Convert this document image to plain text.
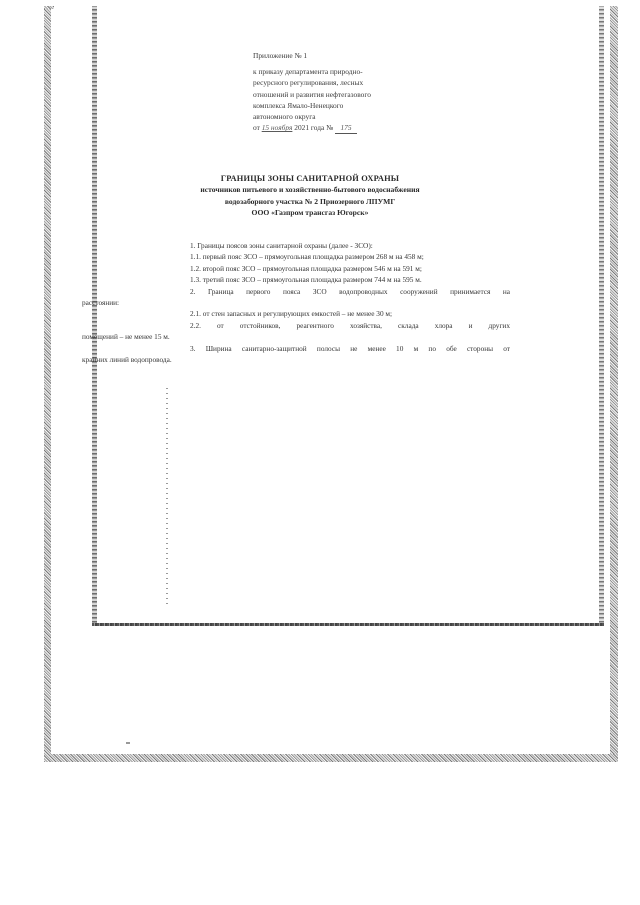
Приложение № 1
к приказу департамента природно-
ресурсного регулирования, лесных
отношений и развития нефтегазового
комплекса Ямало-Ненецкого
автономного округа
от 15 ноября 2021 года № 175
ГРАНИЦЫ ЗОНЫ САНИТАРНОЙ ОХРАНЫ
источников питьевого и хозяйственно-бытового водоснабжения
водозаборного участка № 2 Приозерного ЛПУМГ
ООО «Газпром трансгаз Югорск»

1. Границы поясов зоны санитарной охраны (далее - ЗСО):

1.1. первый пояс ЗСО – прямоугольная площадка размером 268 м на 458 м;

1.2. второй пояс ЗСО – прямоугольная площадка размером 546 м на 591 м;

1.3. третий пояс ЗСО – прямоугольная площадка размером 744 м на 595 м.

2. Граница первого пояса ЗСО водопроводных сооружений принимается на

расстоянии:

2.1. от стен запасных и регулирующих емкостей – не менее 30 м;

2.2. от отстойников, реагентного хозяйства, склада хлора и других

помещений – не менее 15 м.

3. Ширина санитарно-защитной полосы не менее 10 м по обе стороны от

крайних линий водопровода.
